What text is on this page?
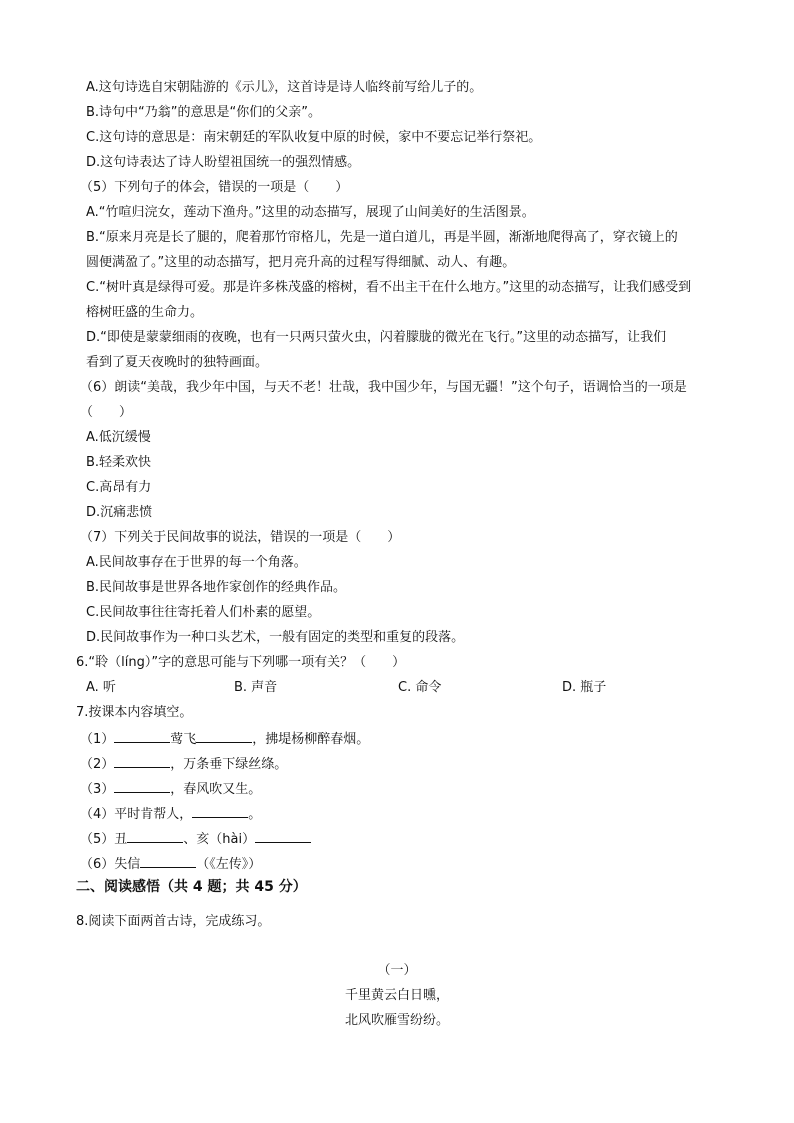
A.这句诗选自宋朝陆游的《示儿》，这首诗是诗人临终前写给儿子的。
B.诗句中“乃翁”的意思是“你们的父亲”。
C.这句诗的意思是：南宋朝廷的军队收复中原的时候，家中不要忘记举行祭祀。
D.这句诗表达了诗人盼望祖国统一的强烈情感。
（5）下列句子的体会，错误的一项是（　　）
A.“竹喧归浣女，莲动下渔舟。”这里的动态描写，展现了山间美好的生活图景。
B.“原来月亮是长了腿的，爬着那竹帘格儿，先是一道白道儿，再是半圆，渐渐地爬得高了，穿衣镜上的
圆便满盈了。”这里的动态描写，把月亮升高的过程写得细腻、动人、有趣。
C.“树叶真是绿得可爱。那是许多株茂盛的榕树，看不出主干在什么地方。”这里的动态描写，让我们感受到
榕树旺盛的生命力。
D.“即使是蒙蒙细雨的夜晚，也有一只两只萤火虫，闪着朦胧的微光在飞行。”这里的动态描写，让我们
看到了夏天夜晚时的独特画面。
（6）朗读“美哉，我少年中国，与天不老！壮哉，我中国少年，与国无疆！”这个句子，语调恰当的一项是
（　　）
A.低沉缓慢
B.轻柔欢快
C.高昂有力
D.沉痛悲愤
（7）下列关于民间故事的说法，错误的一项是（　　）
A.民间故事存在于世界的每一个角落。
B.民间故事是世界各地作家创作的经典作品。
C.民间故事往往寄托着人们朴素的愿望。
D.民间故事作为一种口头艺术，一般有固定的类型和重复的段落。
6.“聆（líng）”字的意思可能与下列哪一项有关？（　　）
A. 听	B. 声音	C. 命令	D. 瓶子
7.按课本内容填空。
（1）	莺飞	，拂堤杨柳醉春烟。
（2）	，万条垂下绿丝绦。
（3）	，春风吹又生。
（4）平时肯帮人，	。
（5）丑	、亥（hài）
（6）失信	（《左传》）
二、阅读感悟（共 4 题；共 45 分）
8.阅读下面两首古诗，完成练习。
（一）
千里黄云白日曛，
北风吹雁雪纷纷。
